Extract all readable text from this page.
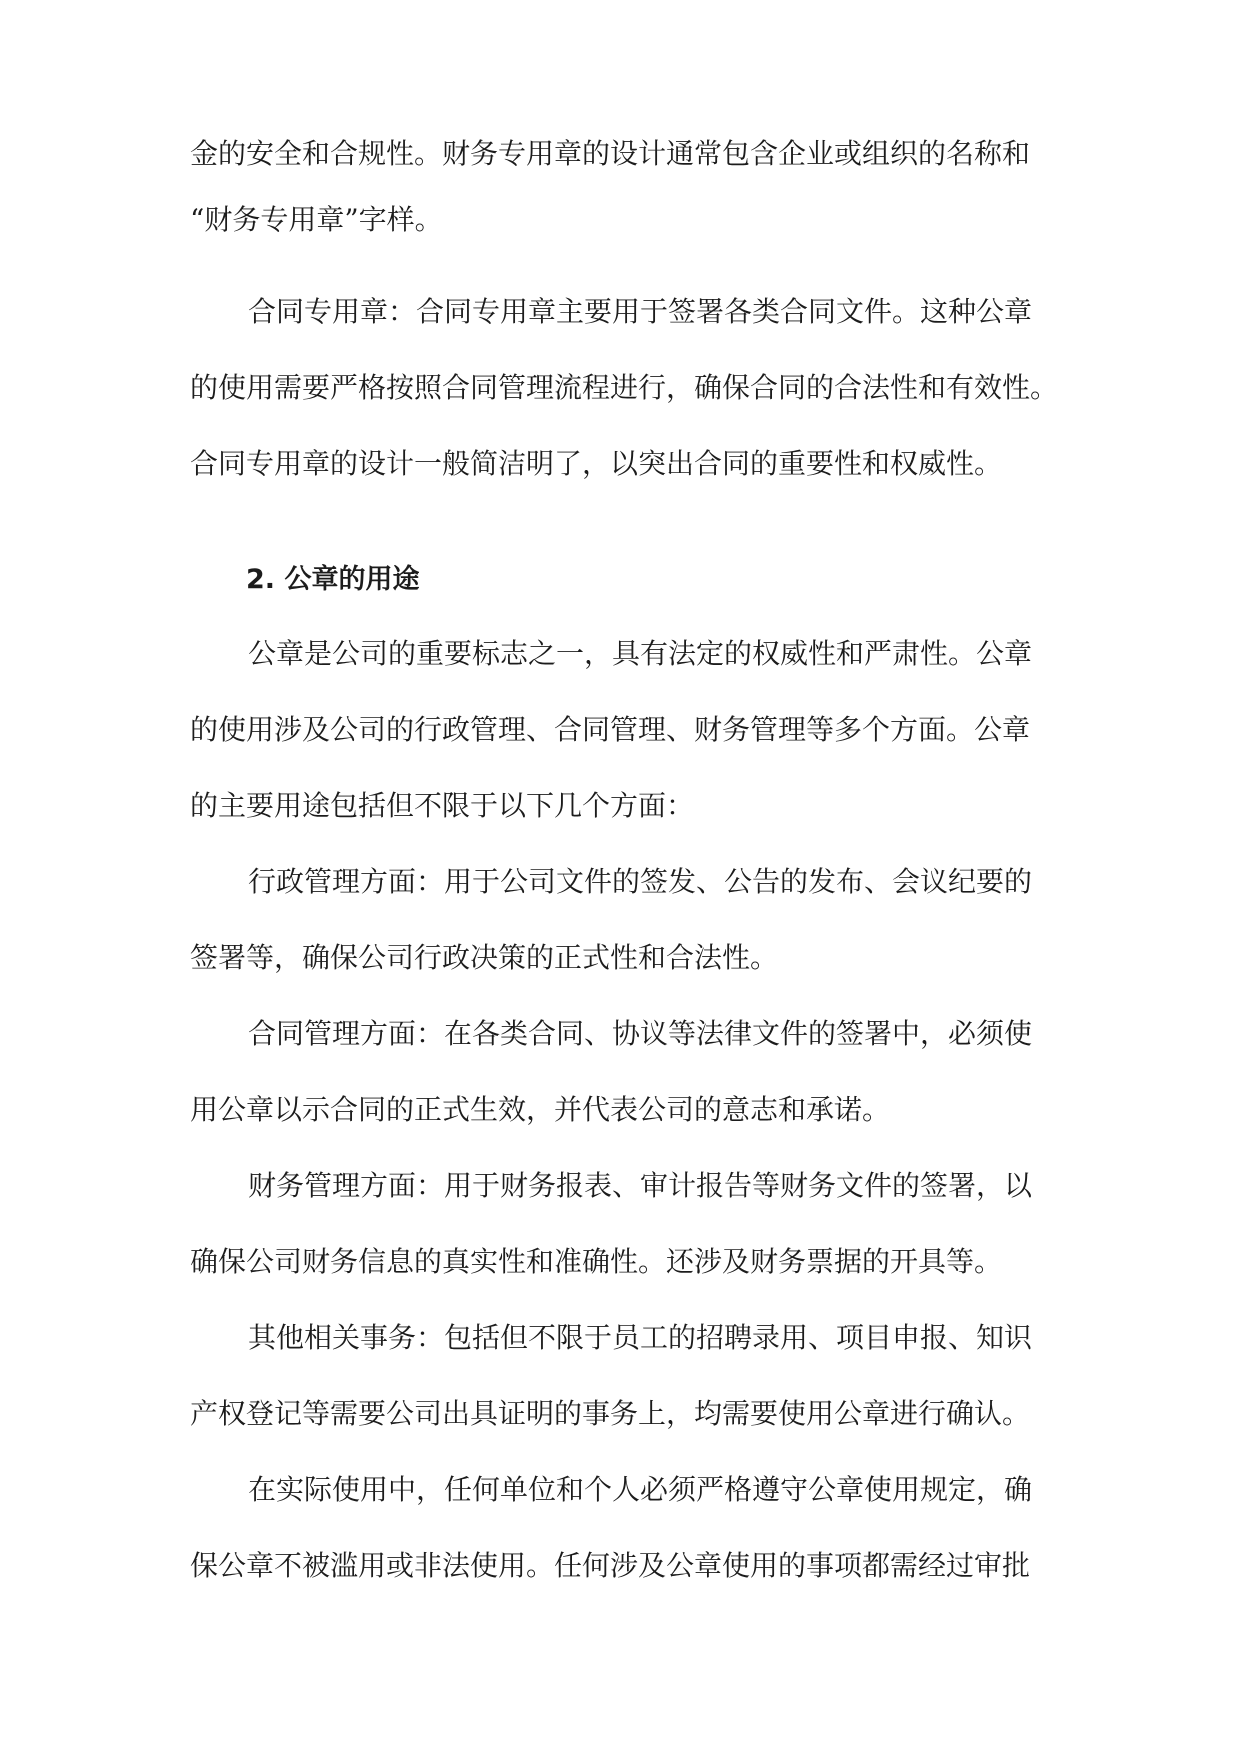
金的安全和合规性。财务专用章的设计通常包含企业或组织的名称和
“财务专用章”字样。
合同专用章：合同专用章主要用于签署各类合同文件。这种公章
的使用需要严格按照合同管理流程进行，确保合同的合法性和有效性。
合同专用章的设计一般简洁明了，以突出合同的重要性和权威性。
2. 公章的用途
公章是公司的重要标志之一，具有法定的权威性和严肃性。公章
的使用涉及公司的行政管理、合同管理、财务管理等多个方面。公章
的主要用途包括但不限于以下几个方面：
行政管理方面：用于公司文件的签发、公告的发布、会议纪要的
签署等，确保公司行政决策的正式性和合法性。
合同管理方面：在各类合同、协议等法律文件的签署中，必须使
用公章以示合同的正式生效，并代表公司的意志和承诺。
财务管理方面：用于财务报表、审计报告等财务文件的签署，以
确保公司财务信息的真实性和准确性。还涉及财务票据的开具等。
其他相关事务：包括但不限于员工的招聘录用、项目申报、知识
产权登记等需要公司出具证明的事务上，均需要使用公章进行确认。
在实际使用中，任何单位和个人必须严格遵守公章使用规定，确
保公章不被滥用或非法使用。任何涉及公章使用的事项都需经过审批
